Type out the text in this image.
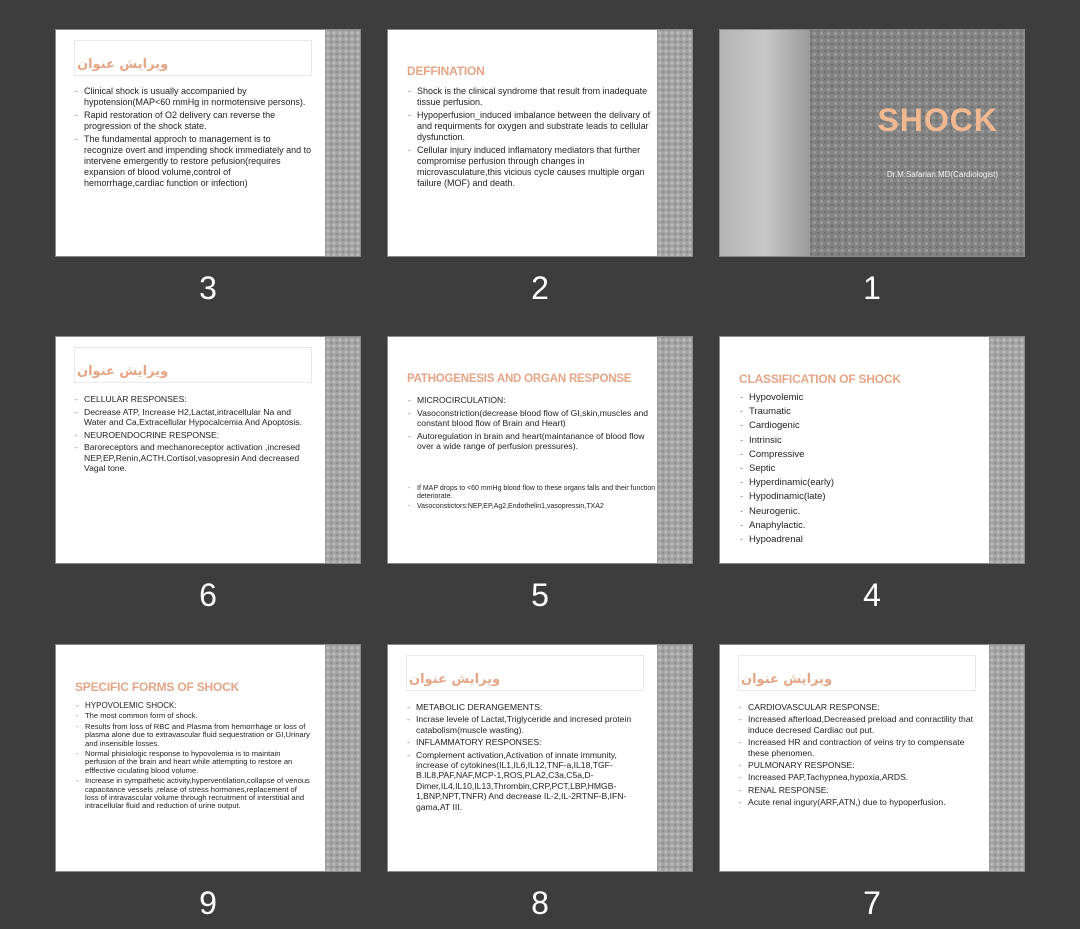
ویرایش عنوان
- Clinical shock is usually accompanied by hypotension(MAP<60 mmHg in normotensive persons).
- Rapid restoration of O2 delivery can reverse the progression of the shock state.
- The fundamental approch to management is to recognize overt and impending shock immediately and to intervene emergently to restore pefusion(requires expansion of blood volume,control of hemorrhage,cardiac function or infection)
3
DEFFINATION
- Shock is the clinical syndrome that result from inadequate tissue perfusion.
- Hypoperfusion_induced imbalance between the delivary of and requirments for oxygen and substrate leads to cellular dysfunction.
- Cellular injury induced inflamatory mediators that further compromise perfusion through changes in microvasculature,this vicious cycle causes multiple organ failure (MOF) and death.
2
SHOCK
Dr.M.Safarian.MD(Cardiologist)
1
ویرایش عنوان
- CELLULAR RESPONSES:
- Decrease ATP, Increase H2,Lactat,intracellular Na and Water and Ca,Extracellular Hypocalcemia And Apoptosis.
- NEUROENDOCRINE RESPONSE:
- Baroreceptors and mechanoreceptor activation ,incresed NEP,EP,Renin,ACTH,Cortisol,vasopresin And decreased Vagal tone.
6
PATHOGENESIS AND ORGAN RESPONSE
- MICROCIRCULATION:
- Vasoconstriction(decrease blood flow of GI,skin,muscles and constant blood flow of Brain and Heart)
- Autoregulation in brain and heart(maintanance of blood flow over a wide range of perfusion pressures).
- If MAP drops to <60 mmHg blood flow to these organs falls and their function deteriorate.
- Vasoconstictors:NEP,EP,Ag2,Endothelin1,vasopressin,TXA2
5
CLASSIFICATION OF SHOCK
- Hypovolemic
- Traumatic
- Cardiogenic
- Intrinsic
- Compressive
- Septic
- Hyperdinamic(early)
- Hypodinamic(late)
- Neurogenic.
- Anaphylactic.
- Hypoadrenal
4
SPECIFIC FORMS OF SHOCK
- HYPOVOLEMIC SHOCK:
- The most common form of shock.
- Results from loss of RBC and Plasma from hemorrhage or loss of plasma alone due to extravascular fluid sequestration or GI,Urinary and insensible losses.
- Normal phisiologic response to hypovolemia is to maintain perfusion of the brain and heart while attempting to restore an efffective ciculating blood volume.
- Increase in sympathetic activity,hyperventilation,collapse of venous capacitance vessels ,relase of stress hormones,replacement of loss of intravascular volume through recruitment of interstitial and intracellular fluid and reduction of urine output.
9
ویرایش عنوان
- METABOLIC DERANGEMENTS:
- Incrase levele of Lactat,Triglyceride and incresed protein catabolism(muscle wasting).
- INFLAMMATORY RESPONSES:
- Complement activation,Activation of innate immunity, increase of cytokines(IL1,IL6,IL12,TNF-a,IL18,TGF-B.IL8,PAF,NAF,MCP-1,ROS,PLA2,C3a,C5a,D-Dimer,IL4,IL10,IL13,Thrombin,CRP,PCT,LBP,HMGB-1,BNP,NPT,TNFR) And decrease IL-2,IL-2RTNF-B,IFN-gama,AT III.
8
ویرایش عنوان
- CARDIOVASCULAR RESPONSE:
- Increased afterload,Decreased preload and conractility that induce decresed Cardiac out put.
- Increased HR and contraction of veins try to compensate these phenomen.
- PULMONARY RESPONSE:
- Increased PAP,Tachypnea,hypoxia,ARDS.
- RENAL RESPONSE:
- Acute renal ingury(ARF,ATN,) due to hypoperfusion.
7
